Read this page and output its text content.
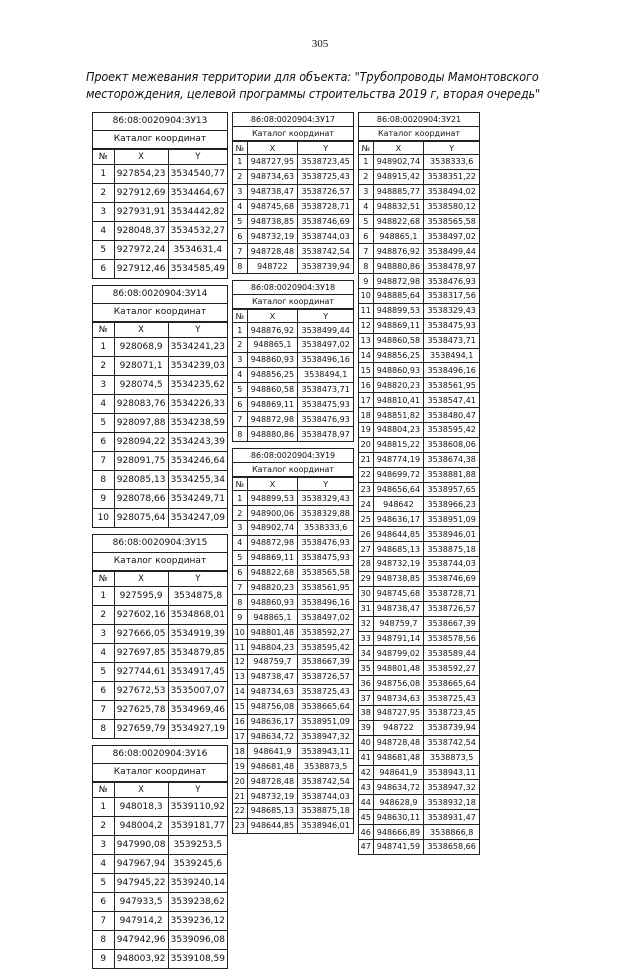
305
Проект межевания территории для объекта: "Трубопроводы Мамонтовского месторождения, целевой программы строительства 2019 г, вторая очередь"
86:08:0020904:ЗУ13
Каталог координат
№	X	Y
1	927854,23	3534540,77
2	927912,69	3534464,67
3	927931,91	3534442,82
4	928048,37	3534532,27
5	927972,24	3534631,4
6	927912,46	3534585,49
86:08:0020904:ЗУ14
Каталог координат
№	X	Y
1	928068,9	3534241,23
2	928071,1	3534239,03
3	928074,5	3534235,62
4	928083,76	3534226,33
5	928097,88	3534238,59
6	928094,22	3534243,39
7	928091,75	3534246,64
8	928085,13	3534255,34
9	928078,66	3534249,71
10	928075,64	3534247,09
86:08:0020904:ЗУ15
Каталог координат
№	X	Y
1	927595,9	3534875,8
2	927602,16	3534868,01
3	927666,05	3534919,39
4	927697,85	3534879,85
5	927744,61	3534917,45
6	927672,53	3535007,07
7	927625,78	3534969,46
8	927659,79	3534927,19
86:08:0020904:ЗУ16
Каталог координат
№	X	Y
1	948018,3	3539110,92
2	948004,2	3539181,77
3	947990,08	3539253,5
4	947967,94	3539245,6
5	947945,22	3539240,14
6	947933,5	3539238,62
7	947914,2	3539236,12
8	947942,96	3539096,08
9	948003,92	3539108,59
86:08:0020904:ЗУ17
Каталог координат
№	X	Y
1	948727,95	3538723,45
2	948734,63	3538725,43
3	948738,47	3538726,57
4	948745,68	3538728,71
5	948738,85	3538746,69
6	948732,19	3538744,03
7	948728,48	3538742,54
8	948722	3538739,94
86:08:0020904:ЗУ18
Каталог координат
№	X	Y
1	948876,92	3538499,44
2	948865,1	3538497,02
3	948860,93	3538496,16
4	948856,25	3538494,1
5	948860,58	3538473,71
6	948869,11	3538475,93
7	948872,98	3538476,93
8	948880,86	3538478,97
86:08:0020904:ЗУ19
Каталог координат
№	X	Y
1	948899,53	3538329,43
2	948900,06	3538329,88
3	948902,74	3538333,6
4	948872,98	3538476,93
5	948869,11	3538475,93
6	948822,68	3538565,58
7	948820,23	3538561,95
8	948860,93	3538496,16
9	948865,1	3538497,02
10	948801,48	3538592,27
11	948804,23	3538595,42
12	948759,7	3538667,39
13	948738,47	3538726,57
14	948734,63	3538725,43
15	948756,08	3538665,64
16	948636,17	3538951,09
17	948634,72	3538947,32
18	948641,9	3538943,11
19	948681,48	3538873,5
20	948728,48	3538742,54
21	948732,19	3538744,03
22	948685,13	3538875,18
23	948644,85	3538946,01
86:08:0020904:ЗУ21
Каталог координат
№	X	Y
1	948902,74	3538333,6
2	948915,42	3538351,22
3	948885,77	3538494,02
4	948832,51	3538580,12
5	948822,68	3538565,58
6	948865,1	3538497,02
7	948876,92	3538499,44
8	948880,86	3538478,97
9	948872,98	3538476,93
10	948885,64	3538317,56
11	948899,53	3538329,43
12	948869,11	3538475,93
13	948860,58	3538473,71
14	948856,25	3538494,1
15	948860,93	3538496,16
16	948820,23	3538561,95
17	948810,41	3538547,41
18	948851,82	3538480,47
19	948804,23	3538595,42
20	948815,22	3538608,06
21	948774,19	3538674,38
22	948699,72	3538881,88
23	948656,64	3538957,65
24	948642	3538966,23
25	948636,17	3538951,09
26	948644,85	3538946,01
27	948685,13	3538875,18
28	948732,19	3538744,03
29	948738,85	3538746,69
30	948745,68	3538728,71
31	948738,47	3538726,57
32	948759,7	3538667,39
33	948791,14	3538578,56
34	948799,02	3538589,44
35	948801,48	3538592,27
36	948756,08	3538665,64
37	948734,63	3538725,43
38	948727,95	3538723,45
39	948722	3538739,94
40	948728,48	3538742,54
41	948681,48	3538873,5
42	948641,9	3538943,11
43	948634,72	3538947,32
44	948628,9	3538932,18
45	948630,11	3538931,47
46	948666,89	3538866,8
47	948741,59	3538658,66
